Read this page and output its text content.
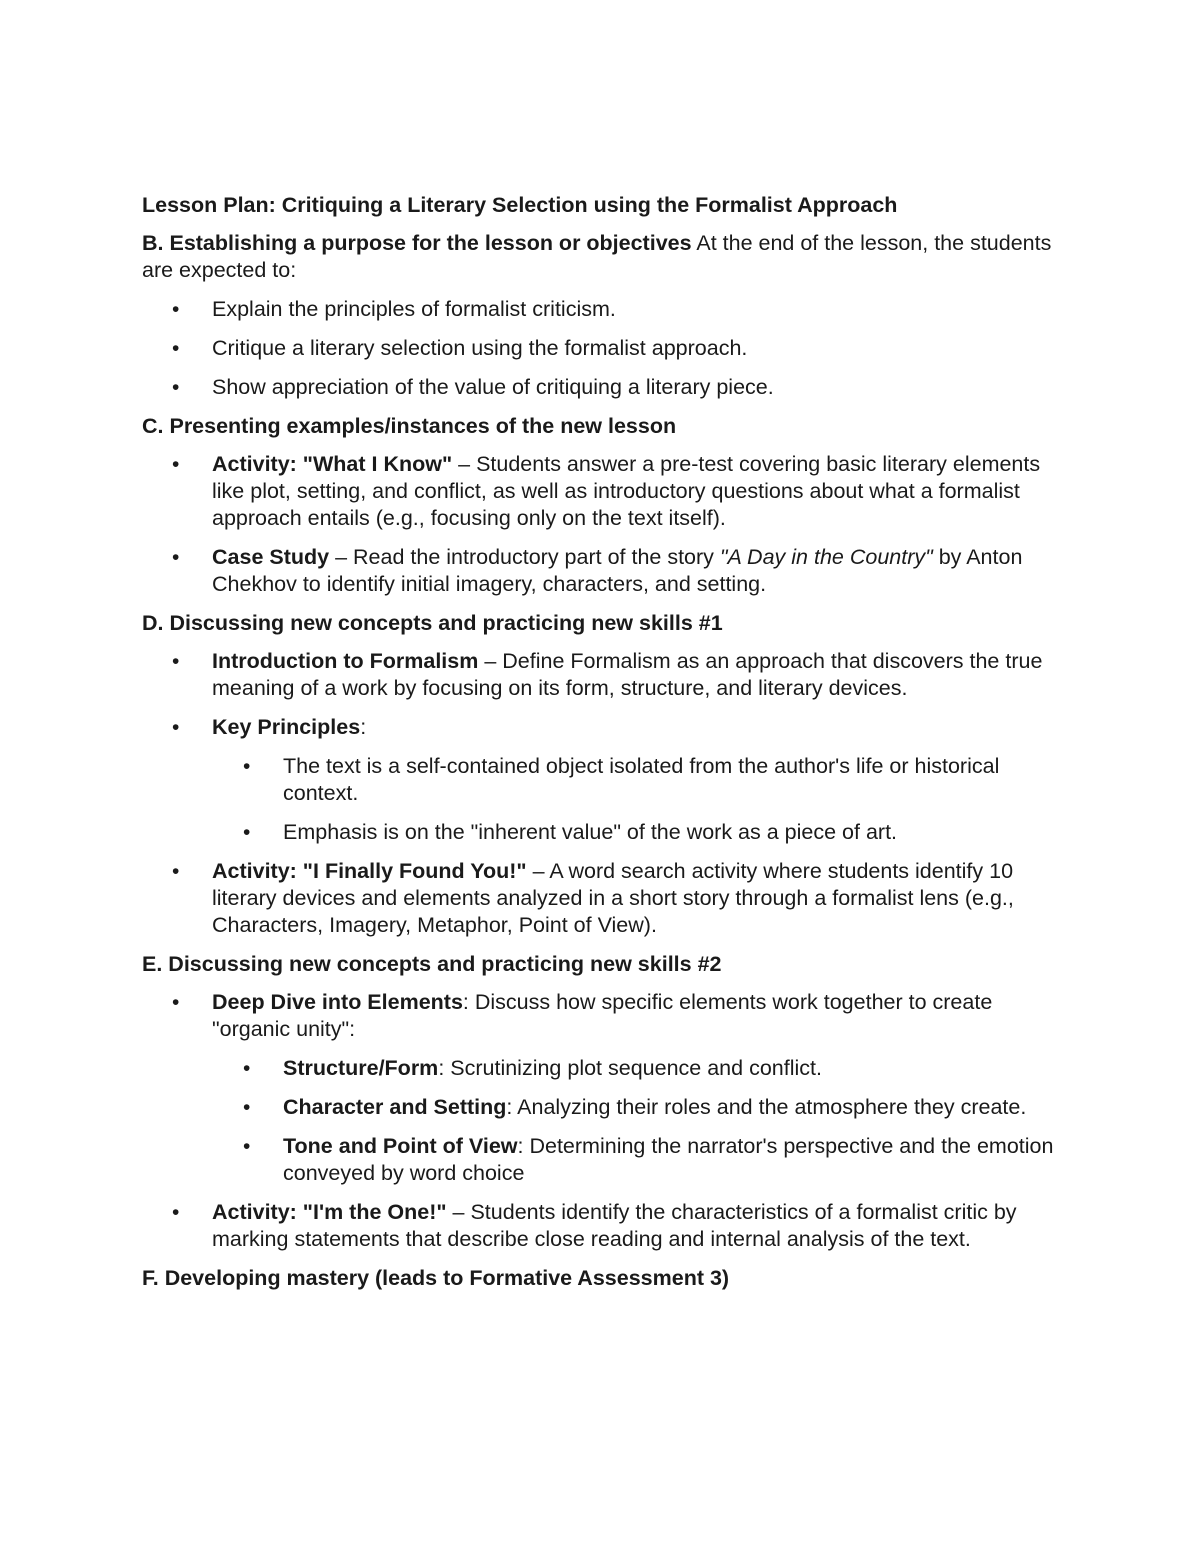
Lesson Plan: Critiquing a Literary Selection using the Formalist Approach
B. Establishing a purpose for the lesson or objectives At the end of the lesson, the students are expected to:
• Explain the principles of formalist criticism.
• Critique a literary selection using the formalist approach.
• Show appreciation of the value of critiquing a literary piece.
C. Presenting examples/instances of the new lesson
• Activity: "What I Know" – Students answer a pre-test covering basic literary elements like plot, setting, and conflict, as well as introductory questions about what a formalist approach entails (e.g., focusing only on the text itself).
• Case Study – Read the introductory part of the story "A Day in the Country" by Anton Chekhov to identify initial imagery, characters, and setting.
D. Discussing new concepts and practicing new skills #1
• Introduction to Formalism – Define Formalism as an approach that discovers the true meaning of a work by focusing on its form, structure, and literary devices.
• Key Principles:
• The text is a self-contained object isolated from the author's life or historical context.
• Emphasis is on the "inherent value" of the work as a piece of art.
• Activity: "I Finally Found You!" – A word search activity where students identify 10 literary devices and elements analyzed in a short story through a formalist lens (e.g., Characters, Imagery, Metaphor, Point of View).
E. Discussing new concepts and practicing new skills #2
• Deep Dive into Elements: Discuss how specific elements work together to create "organic unity":
• Structure/Form: Scrutinizing plot sequence and conflict.
• Character and Setting: Analyzing their roles and the atmosphere they create.
• Tone and Point of View: Determining the narrator's perspective and the emotion conveyed by word choice
• Activity: "I'm the One!" – Students identify the characteristics of a formalist critic by marking statements that describe close reading and internal analysis of the text.
F. Developing mastery (leads to Formative Assessment 3)
